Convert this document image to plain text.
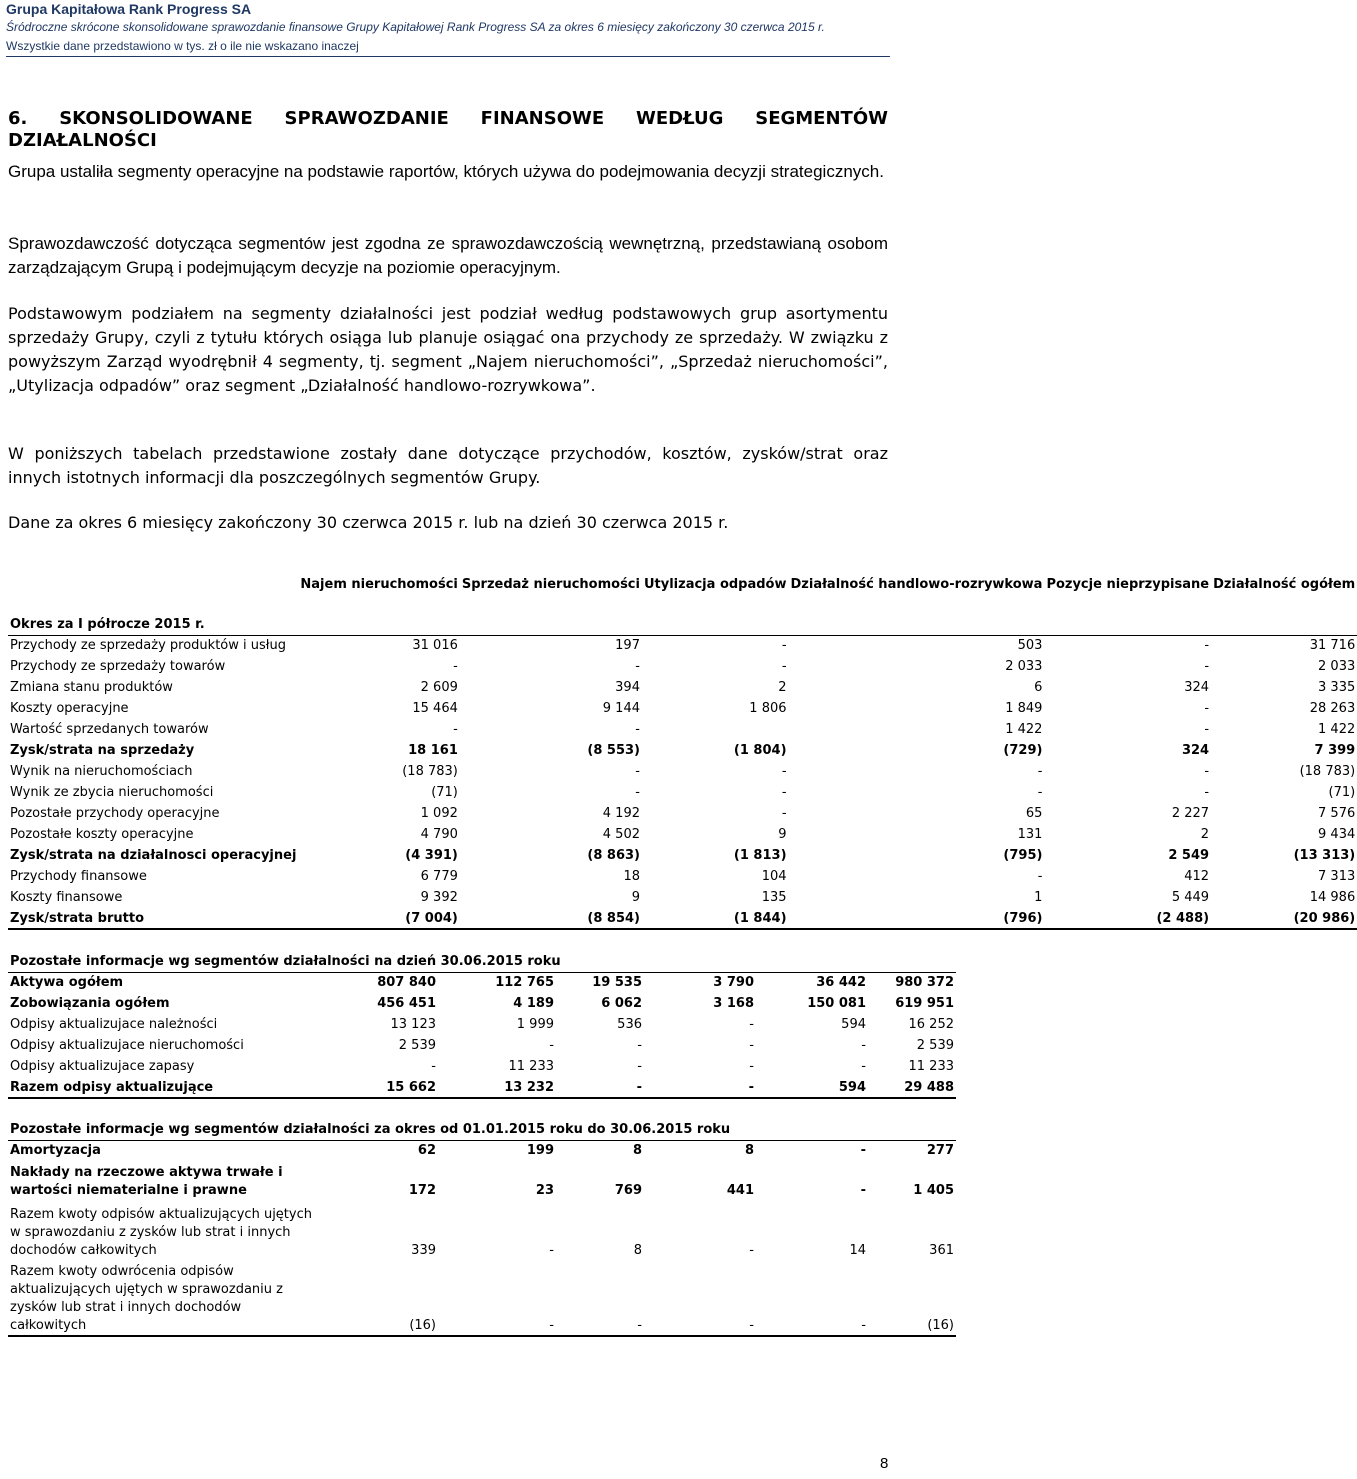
Grupa Kapitałowa Rank Progress SA
Śródroczne skrócone skonsolidowane sprawozdanie finansowe Grupy Kapitałowej Rank Progress SA za okres 6 miesięcy zakończony 30 czerwca 2015 r.
Wszystkie dane przedstawiono w tys. zł o ile nie wskazano inaczej
6. SKONSOLIDOWANE SPRAWOZDANIE FINANSOWE WEDŁUG SEGMENTÓW
DZIAŁALNOŚCI
Grupa ustaliła segmenty operacyjne na podstawie raportów, których używa do podejmowania decyzji strategicznych.
Sprawozdawczość dotycząca segmentów jest zgodna ze sprawozdawczością wewnętrzną, przedstawianą osobom zarządzającym Grupą i podejmującym decyzje na poziomie operacyjnym.
Podstawowym podziałem na segmenty działalności jest podział według podstawowych grup asortymentu sprzedaży Grupy, czyli z tytułu których osiąga lub planuje osiągać ona przychody ze sprzedaży. W związku z powyższym Zarząd wyodrębnił 4 segmenty, tj. segment „Najem nieruchomości”, „Sprzedaż nieruchomości”, „Utylizacja odpadów” oraz segment „Działalność handlowo-rozrywkowa”.
W poniższych tabelach przedstawione zostały dane dotyczące przychodów, kosztów, zysków/strat oraz innych istotnych informacji dla poszczególnych segmentów Grupy.
Dane za okres 6 miesięcy zakończony 30 czerwca 2015 r. lub na dzień 30 czerwca 2015 r.
	Najem nieruchomości	Sprzedaż nieruchomości	Utylizacja odpadów	Działalność handlowo-rozrywkowa	Pozycje nieprzypisane	Działalność ogółem
Okres za I półrocze 2015 r.						
Przychody ze sprzedaży produktów i usług	31 016	197	-	503	-	31 716
Przychody ze sprzedaży towarów	-	-	-	2 033	-	2 033
Zmiana stanu produktów	2 609	394	2	6	324	3 335
Koszty operacyjne	15 464	9 144	1 806	1 849	-	28 263
Wartość sprzedanych towarów	-	-		1 422	-	1 422
Zysk/strata na sprzedaży	18 161	(8 553)	(1 804)	(729)	324	7 399
Wynik na nieruchomościach	(18 783)	-	-	-	-	(18 783)
Wynik ze zbycia nieruchomości	(71)	-	-	-	-	(71)
Pozostałe przychody operacyjne	1 092	4 192	-	65	2 227	7 576
Pozostałe koszty operacyjne	4 790	4 502	9	131	2	9 434
Zysk/strata na działalnosci operacyjnej	(4 391)	(8 863)	(1 813)	(795)	2 549	(13 313)
Przychody finansowe	6 779	18	104	-	412	7 313
Koszty finansowe	9 392	9	135	1	5 449	14 986
Zysk/strata brutto	(7 004)	(8 854)	(1 844)	(796)	(2 488)	(20 986)
Pozostałe informacje wg segmentów działalności na dzień 30.06.2015 roku						
Aktywa ogółem	807 840	112 765	19 535	3 790	36 442	980 372
Zobowiązania ogółem	456 451	4 189	6 062	3 168	150 081	619 951
Odpisy aktualizujace należności	13 123	1 999	536	-	594	16 252
Odpisy aktualizujace nieruchomości	2 539	-	-	-	-	2 539
Odpisy aktualizujace zapasy	-	11 233	-	-	-	11 233
Razem odpisy aktualizujące	15 662	13 232	-	-	594	29 488
Pozostałe informacje wg segmentów działalności za okres od 01.01.2015 roku do 30.06.2015 roku						
Amortyzacja	62	199	8	8	-	277
Nakłady na rzeczowe aktywa trwałe i wartości niematerialne i prawne	172	23	769	441	-	1 405
Razem kwoty odpisów aktualizujących ujętych w sprawozdaniu z zysków lub strat i innych dochodów całkowitych	339	-	8	-	14	361
Razem kwoty odwrócenia odpisów aktualizujących ujętych w sprawozdaniu z zysków lub strat i innych dochodów całkowitych	(16)	-	-	-	-	(16)
8
